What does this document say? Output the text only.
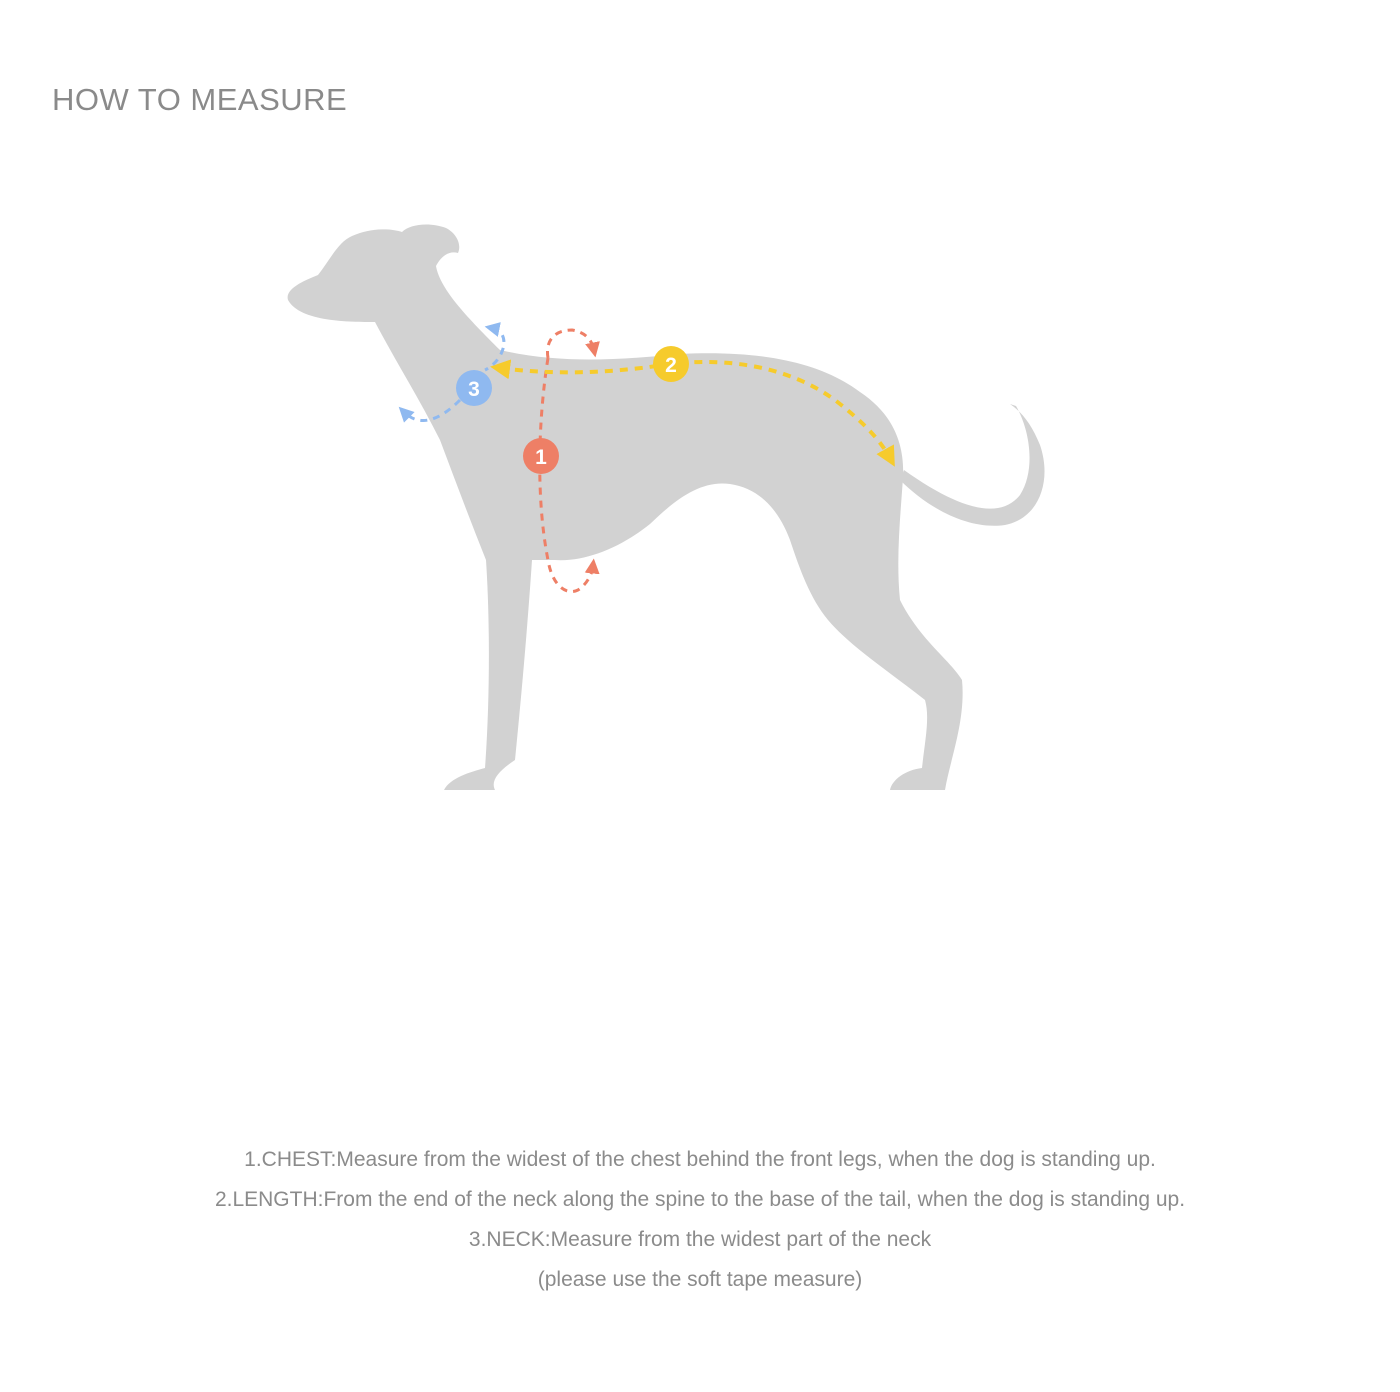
HOW TO MEASURE
1
2
3
1.CHEST:Measure from the widest of the chest behind the front legs, when the dog is standing up.
2.LENGTH:From the end of the neck along the spine to the base of the tail, when the dog is standing up.
3.NECK:Measure from the widest part of the neck
(please use the soft tape measure)
